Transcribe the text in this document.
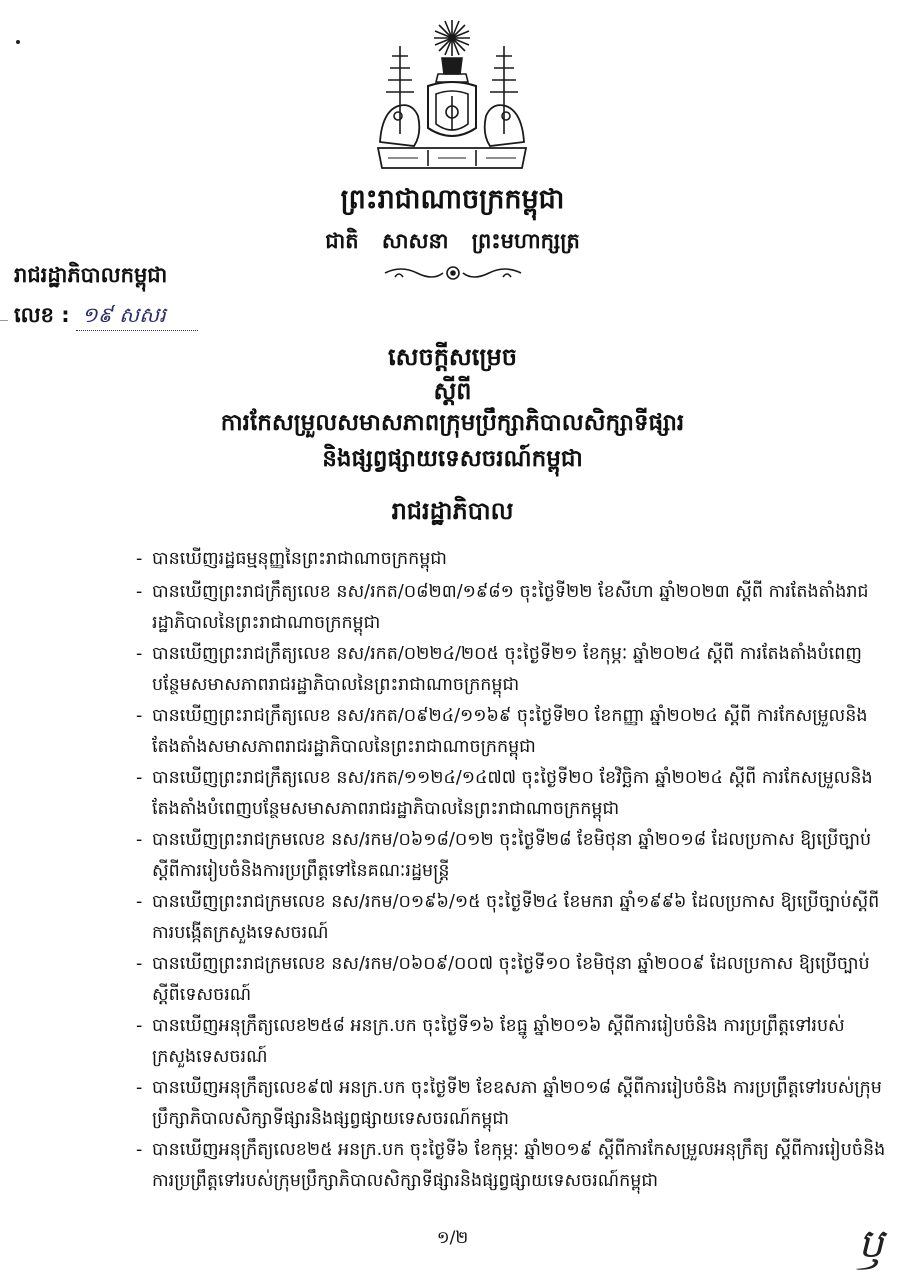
ព្រះរាជាណាចក្រកម្ពុជា
ជាតិ សាសនា ព្រះមហាក្សត្រ
រាជរដ្ឋាភិបាលកម្ពុជា
លេខ : ១៩ សសរ
សេចក្តីសម្រេច
ស្តីពី
ការកែសម្រួលសមាសភាពក្រុមប្រឹក្សាភិបាលសិក្សាទីផ្សារ
និងផ្សព្វផ្សាយទេសចរណ៍កម្ពុជា
រាជរដ្ឋាភិបាល
- បានឃើញរដ្ឋធម្មនុញ្ញនៃព្រះរាជាណាចក្រកម្ពុជា
- បានឃើញព្រះរាជក្រឹត្យលេខ នស/រកត/០៨២៣/១៩៨១ ចុះថ្ងៃទី២២ ខែសីហា ឆ្នាំ២០២៣ ស្តីពី ការតែងតាំងរាជរដ្ឋាភិបាលនៃព្រះរាជាណាចក្រកម្ពុជា
- បានឃើញព្រះរាជក្រឹត្យលេខ នស/រកត/០២២៤/២០៥ ចុះថ្ងៃទី២១ ខែកុម្ភៈ ឆ្នាំ២០២៤ ស្តីពី ការតែងតាំងបំពេញបន្ថែមសមាសភាពរាជរដ្ឋាភិបាលនៃព្រះរាជាណាចក្រកម្ពុជា
- បានឃើញព្រះរាជក្រឹត្យលេខ នស/រកត/០៩២៤/១១៦៩ ចុះថ្ងៃទី២០ ខែកញ្ញា ឆ្នាំ២០២៤ ស្តីពី ការកែសម្រួលនិងតែងតាំងសមាសភាពរាជរដ្ឋាភិបាលនៃព្រះរាជាណាចក្រកម្ពុជា
- បានឃើញព្រះរាជក្រឹត្យលេខ នស/រកត/១១២៤/១៤៧៧ ចុះថ្ងៃទី២០ ខែវិច្ឆិកា ឆ្នាំ២០២៤ ស្តីពី ការកែសម្រួលនិងតែងតាំងបំពេញបន្ថែមសមាសភាពរាជរដ្ឋាភិបាលនៃព្រះរាជាណាចក្រកម្ពុជា
- បានឃើញព្រះរាជក្រមលេខ នស/រកម/០៦១៨/០១២ ចុះថ្ងៃទី២៨ ខែមិថុនា ឆ្នាំ២០១៨ ដែលប្រកាស ឱ្យប្រើច្បាប់ស្តីពីការរៀបចំនិងការប្រព្រឹត្តទៅនៃគណៈរដ្ឋមន្ត្រី
- បានឃើញព្រះរាជក្រមលេខ នស/រកម/០១៩៦/១៥ ចុះថ្ងៃទី២៤ ខែមករា ឆ្នាំ១៩៩៦ ដែលប្រកាស ឱ្យប្រើច្បាប់ស្តីពីការបង្កើតក្រសួងទេសចរណ៍
- បានឃើញព្រះរាជក្រមលេខ នស/រកម/០៦០៩/០០៧ ចុះថ្ងៃទី១០ ខែមិថុនា ឆ្នាំ២០០៩ ដែលប្រកាស ឱ្យប្រើច្បាប់ស្តីពីទេសចរណ៍
- បានឃើញអនុក្រឹត្យលេខ២៥៨ អនក្រ.បក ចុះថ្ងៃទី១៦ ខែធ្នូ ឆ្នាំ២០១៦ ស្តីពីការរៀបចំនិង ការប្រព្រឹត្តទៅរបស់ក្រសួងទេសចរណ៍
- បានឃើញអនុក្រឹត្យលេខ៩៧ អនក្រ.បក ចុះថ្ងៃទី២ ខែឧសភា ឆ្នាំ២០១៨ ស្តីពីការរៀបចំនិង ការប្រព្រឹត្តទៅរបស់ក្រុមប្រឹក្សាភិបាលសិក្សាទីផ្សារនិងផ្សព្វផ្សាយទេសចរណ៍កម្ពុជា
- បានឃើញអនុក្រឹត្យលេខ២៥ អនក្រ.បក ចុះថ្ងៃទី៦ ខែកុម្ភៈ ឆ្នាំ២០១៩ ស្តីពីការកែសម្រួលអនុក្រឹត្យ ស្តីពីការរៀបចំនិងការប្រព្រឹត្តទៅរបស់ក្រុមប្រឹក្សាភិបាលសិក្សាទីផ្សារនិងផ្សព្វផ្សាយទេសចរណ៍កម្ពុជា
១/២	ឫ
